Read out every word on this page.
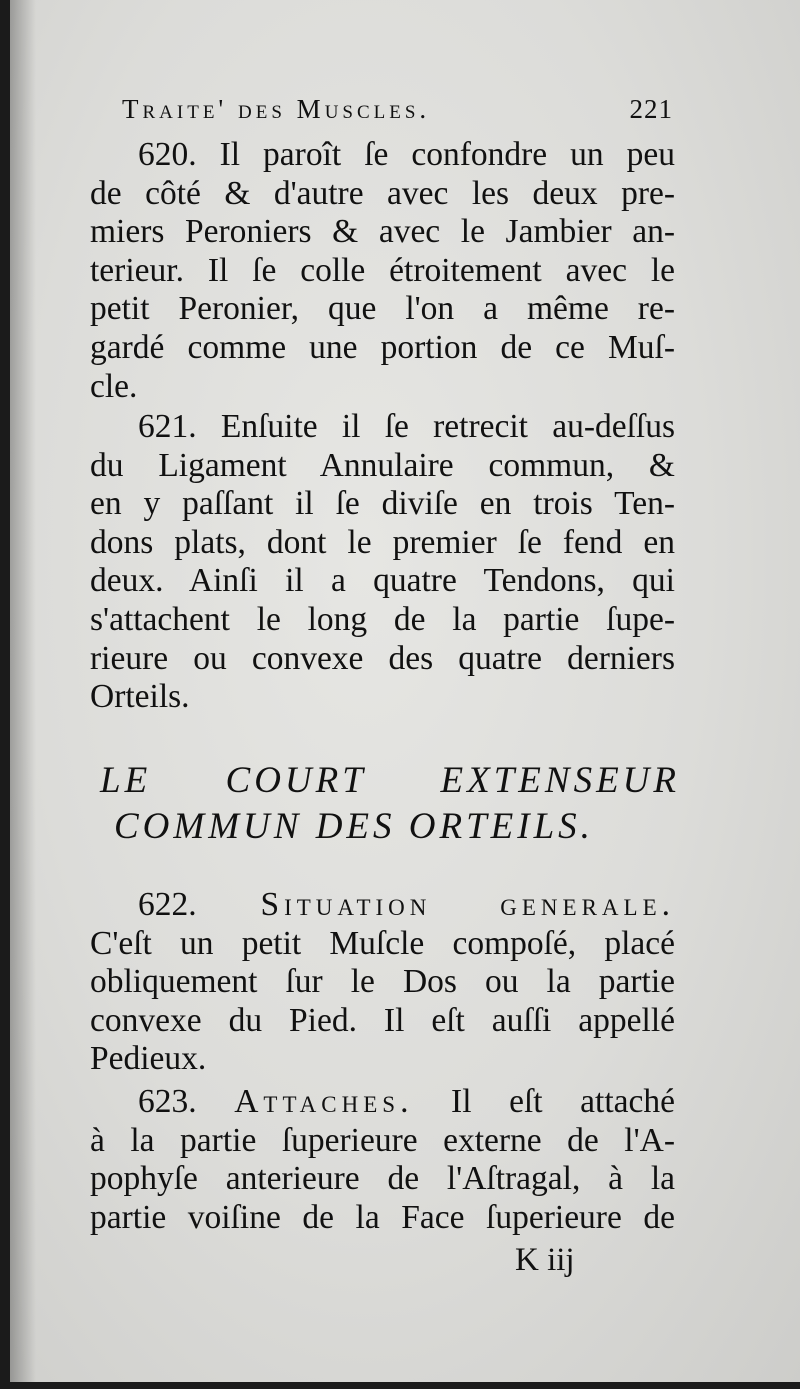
Traite' des Muscles.	221
620. Il paroît ſe confondre un peu
de côté & d'autre avec les deux pre-
miers Peroniers & avec le Jambier an-
terieur. Il ſe colle étroitement avec le
petit Peronier, que l'on a même re-
gardé comme une portion de ce Muſ-
cle.
621. Enſuite il ſe retrecit au-deſſus
du Ligament Annulaire commun, &
en y paſſant il ſe diviſe en trois Ten-
dons plats, dont le premier ſe fend en
deux. Ainſi il a quatre Tendons, qui
s'attachent le long de la partie ſupe-
rieure ou convexe des quatre derniers
Orteils.
LE COURT EXTENSEUR
COMMUN DES ORTEILS.
622. Situation generale.
C'eſt un petit Muſcle compoſé, placé
obliquement ſur le Dos ou la partie
convexe du Pied. Il eſt auſſi appellé
Pedieux.
623. Attaches. Il eſt attaché
à la partie ſuperieure externe de l'A-
pophyſe anterieure de l'Aſtragal, à la
partie voiſine de la Face ſuperieure de
K iij
